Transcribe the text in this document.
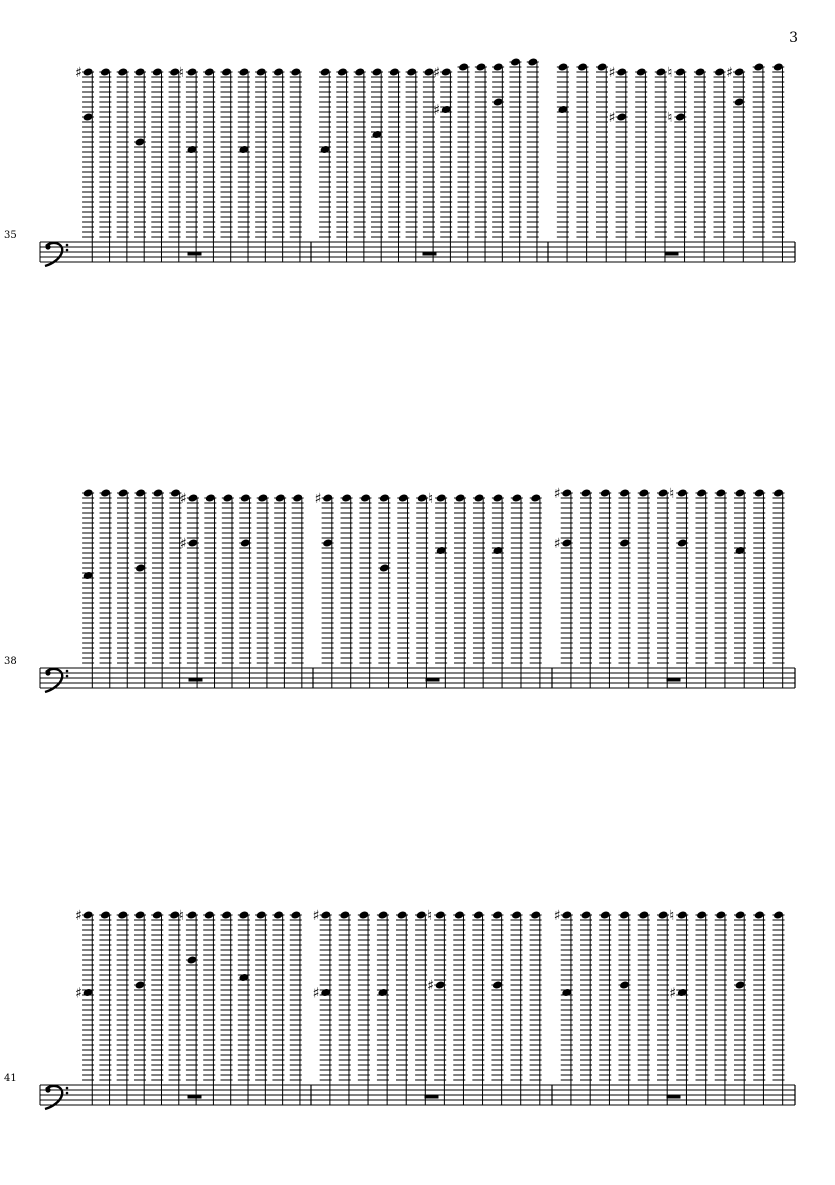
3
35
♯	♮	♯
♯
♯	♮	♯
♯	♮
38
♯
♯
♯	♮	♯	♮
♯
41
♯	♮
♯
♯	♮
♯	♯
♯	♮
♯
